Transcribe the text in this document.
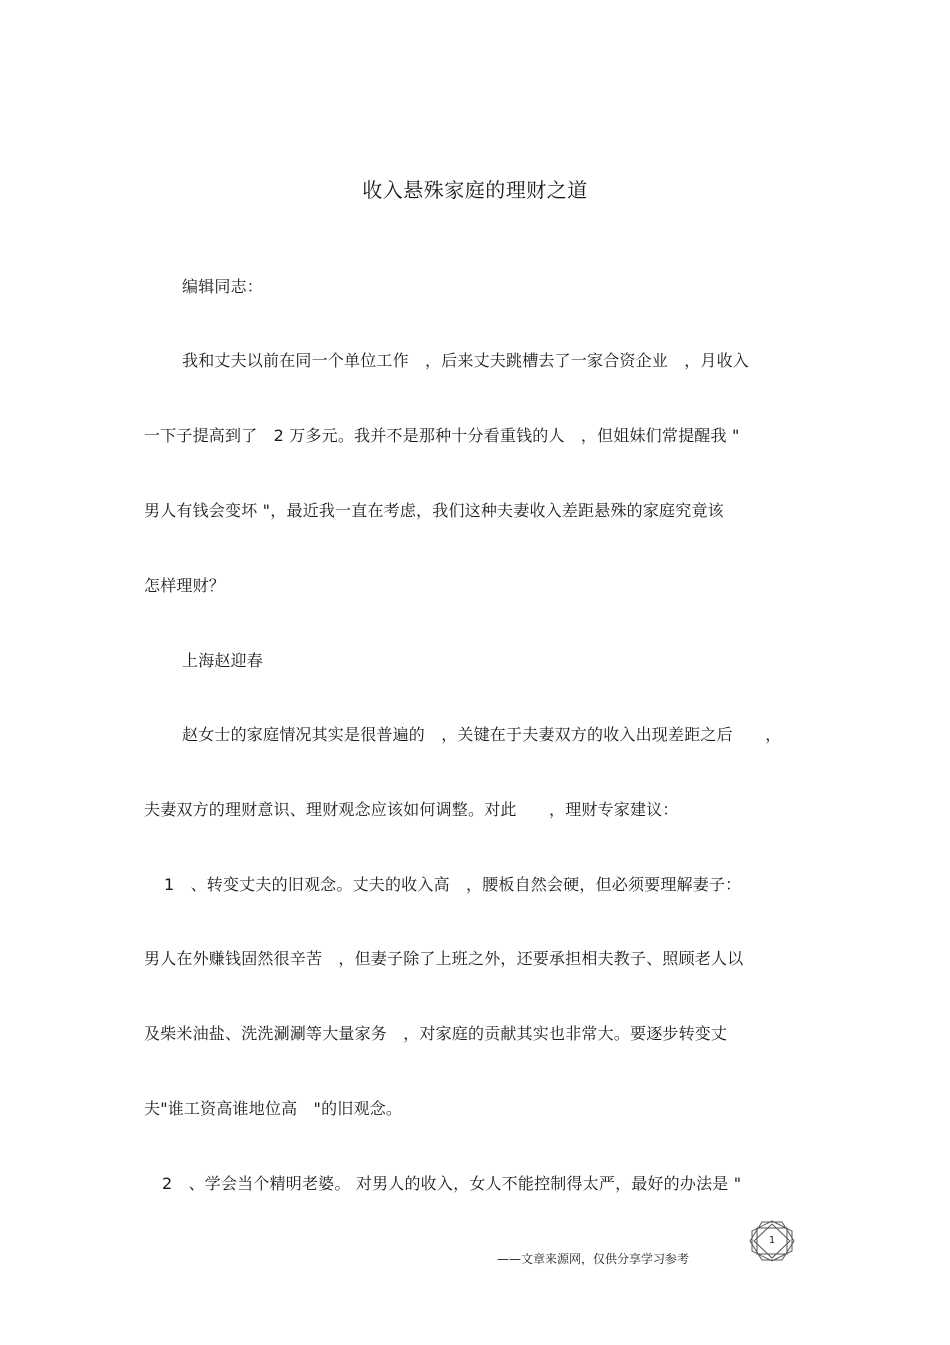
收入悬殊家庭的理财之道
编辑同志：
我和丈夫以前在同一个单位工作　，后来丈夫跳槽去了一家合资企业　，月收入
一下子提高到了　2 万多元。我并不是那种十分看重钱的人　，但姐妹们常提醒我 "
男人有钱会变坏 "，最近我一直在考虑，我们这种夫妻收入差距悬殊的家庭究竟该
怎样理财？
上海赵迎春
赵女士的家庭情况其实是很普遍的　，关键在于夫妻双方的收入出现差距之后　　，
夫妻双方的理财意识、理财观念应该如何调整。对此　　，理财专家建议：
1　、转变丈夫的旧观念。丈夫的收入高　，腰板自然会硬，但必须要理解妻子：
男人在外赚钱固然很辛苦　，但妻子除了上班之外，还要承担相夫教子、照顾老人以
及柴米油盐、洗洗涮涮等大量家务　，对家庭的贡献其实也非常大。要逐步转变丈
夫"谁工资高谁地位高　"的旧观念。
2　、学会当个精明老婆。 对男人的收入，女人不能控制得太严，最好的办法是 "
1
——文章来源网，仅供分享学习参考
